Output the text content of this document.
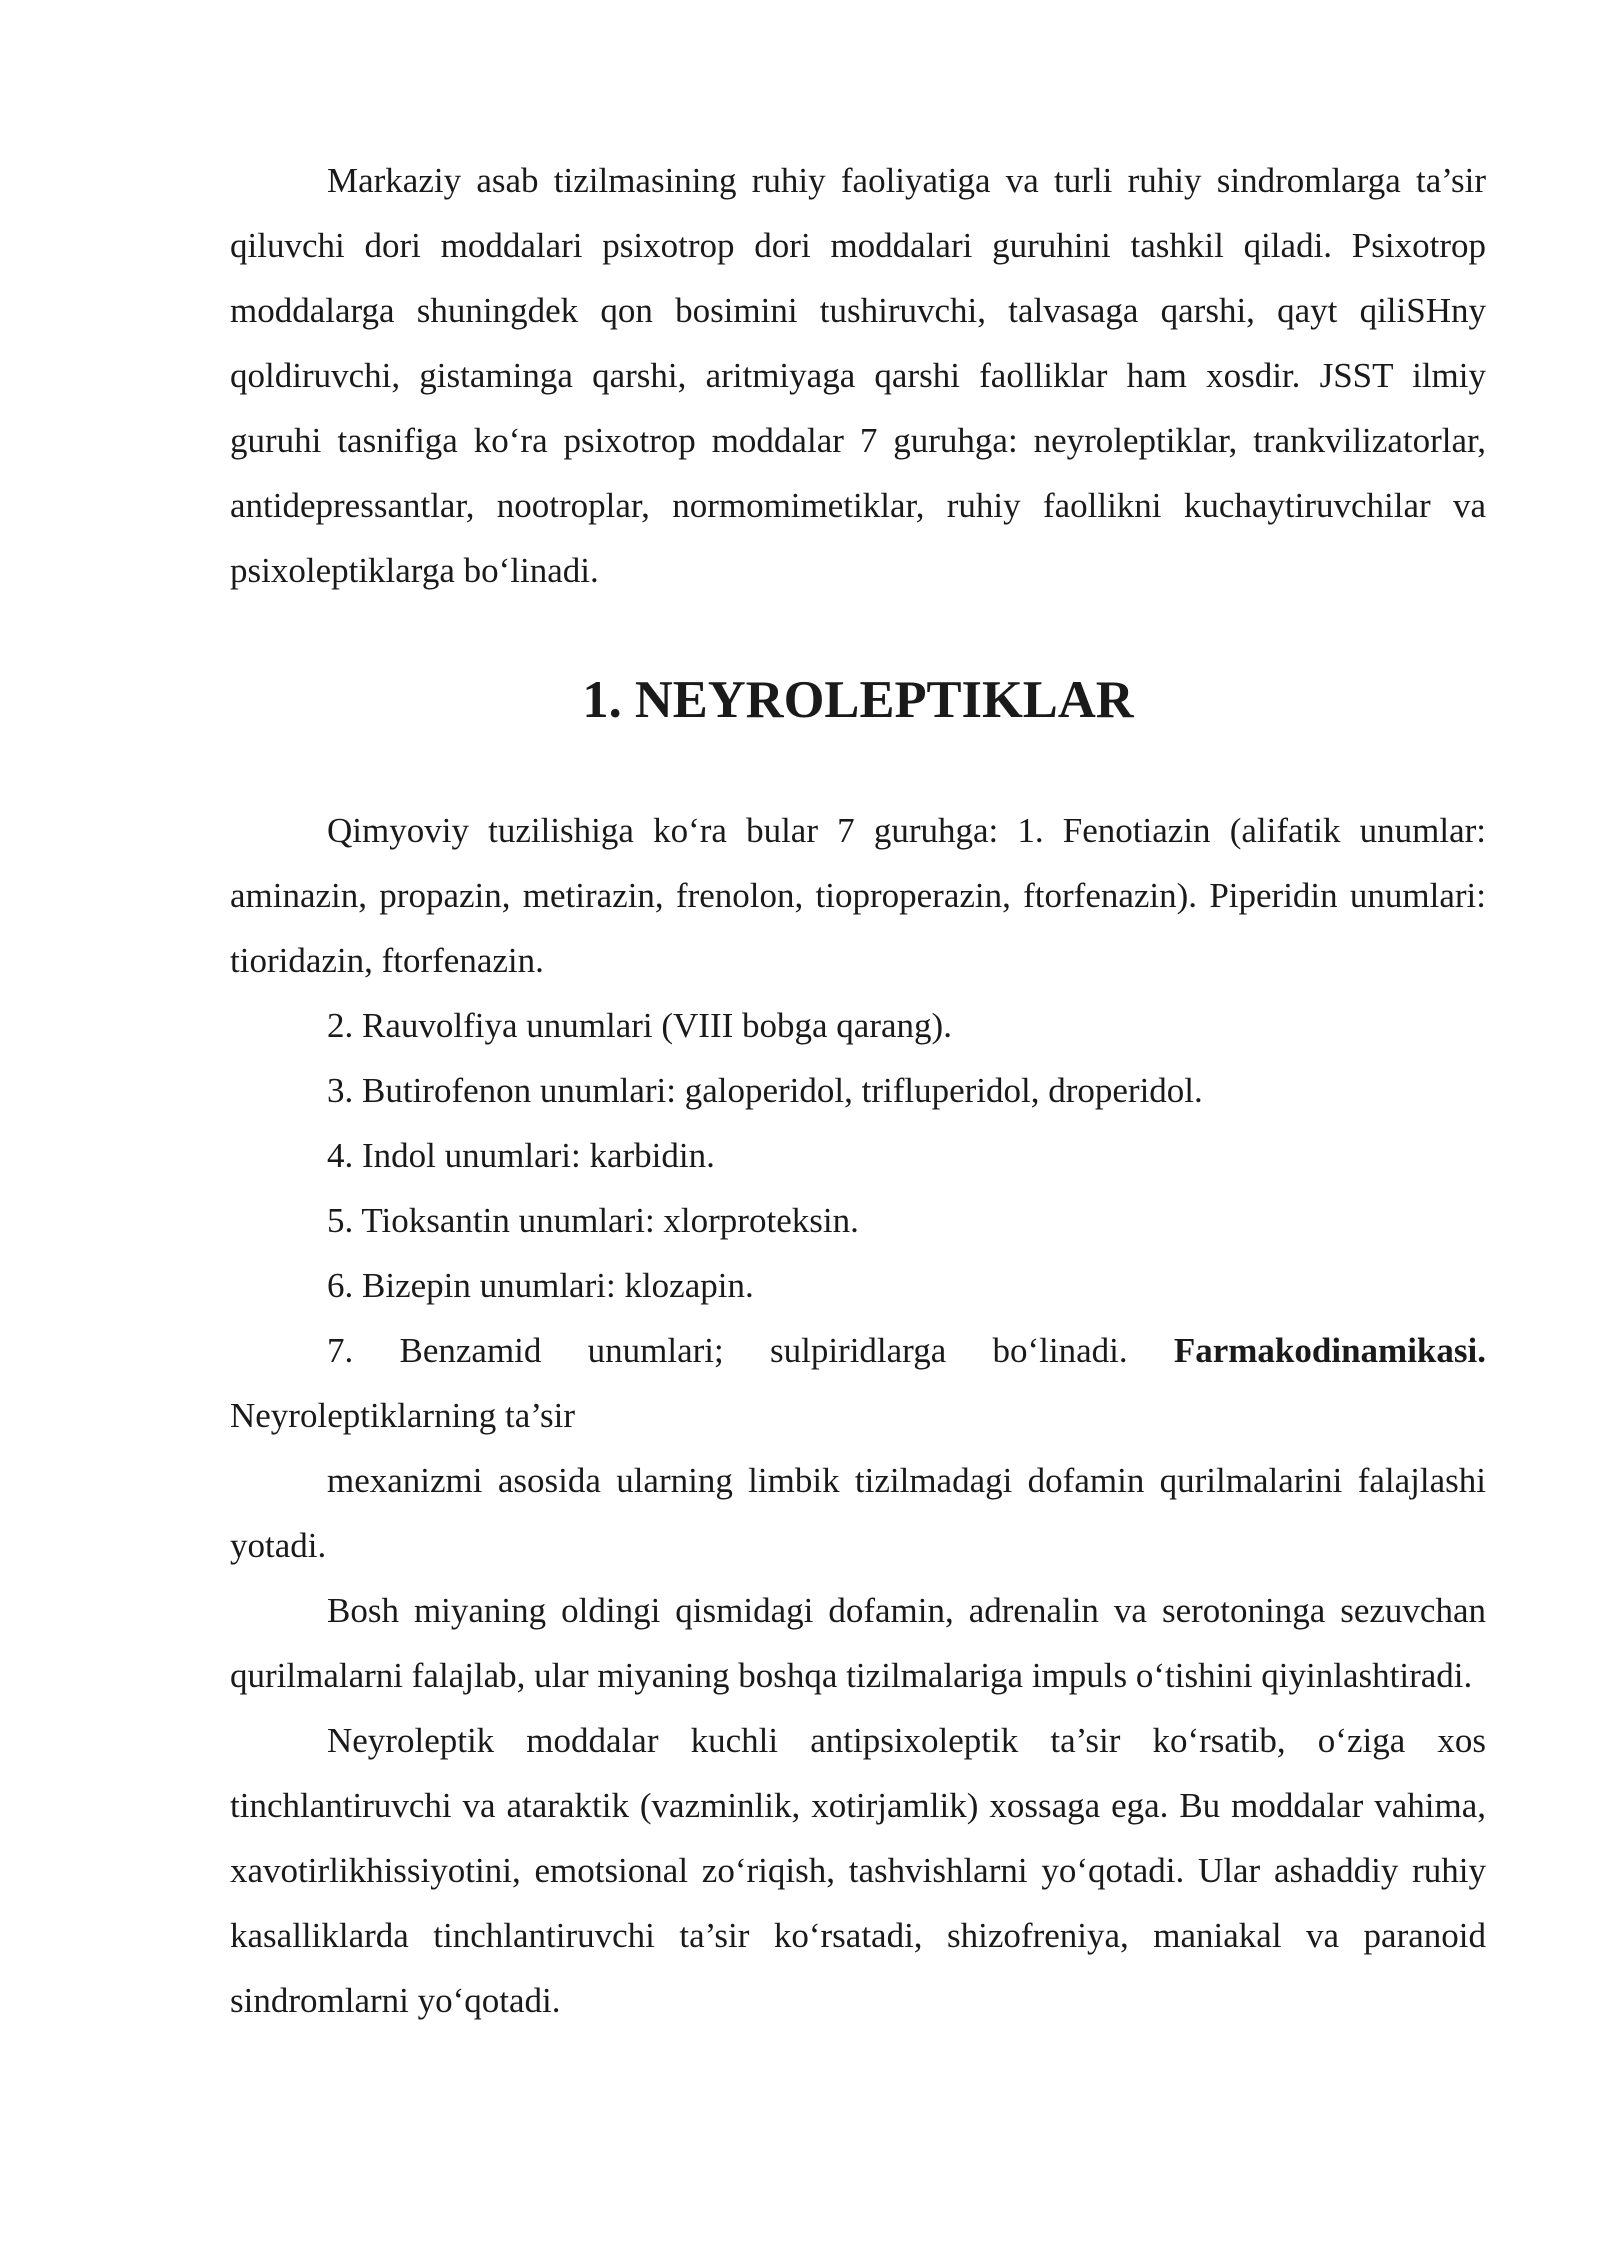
Markaziy asab tizilmasining ruhiy faoliyatiga va turli ruhiy sindromlarga ta’sir qiluvchi dori moddalari psixotrop dori moddalari guruhini tashkil qiladi. Psixotrop moddalarga shuningdek qon bosimini tushiruvchi, talvasaga qarshi, qayt qiliSHny qoldiruvchi, gistaminga qarshi, aritmiyaga qarshi faolliklar ham xosdir. JSST ilmiy guruhi tasnifiga ko‘ra psixotrop moddalar 7 guruhga: neyroleptiklar, trankvilizatorlar, antidepressantlar, nootroplar, normomimetiklar, ruhiy faollikni kuchaytiruvchilar va psixoleptiklarga bo‘linadi.

1. NEYROLEPTIKLAR

Qimyoviy tuzilishiga ko‘ra bular 7 guruhga: 1. Fenotiazin (alifatik unumlar: aminazin, propazin, metirazin, frenolon, tioproperazin, ftorfenazin). Piperidin unumlari: tioridazin, ftorfenazin.

2. Rauvolfiya unumlari (VIII bobga qarang).

3. Butirofenon unumlari: galoperidol, trifluperidol, droperidol.

4. Indol unumlari: karbidin.

5. Tioksantin unumlari: xlorproteksin.

6. Bizepin unumlari: klozapin.

7. Benzamid unumlari; sulpiridlarga bo‘linadi. Farmakodinamikasi.

Neyroleptiklarning ta’sir

mexanizmi asosida ularning limbik tizilmadagi dofamin qurilmalarini falajlashi yotadi.

Bosh miyaning oldingi qismidagi dofamin, adrenalin va serotoninga sezuvchan qurilmalarni falajlab, ular miyaning boshqa tizilmalariga impuls o‘tishini qiyinlashtiradi.

Neyroleptik moddalar kuchli antipsixoleptik ta’sir ko‘rsatib, o‘ziga xos tinchlantiruvchi va ataraktik (vazminlik, xotirjamlik) xossaga ega. Bu moddalar vahima, xavotirlikhissiyotini, emotsional zo‘riqish, tashvishlarni yo‘qotadi. Ular ashaddiy ruhiy kasalliklarda tinchlantiruvchi ta’sir ko‘rsatadi, shizofreniya, maniakal va paranoid sindromlarni yo‘qotadi.
